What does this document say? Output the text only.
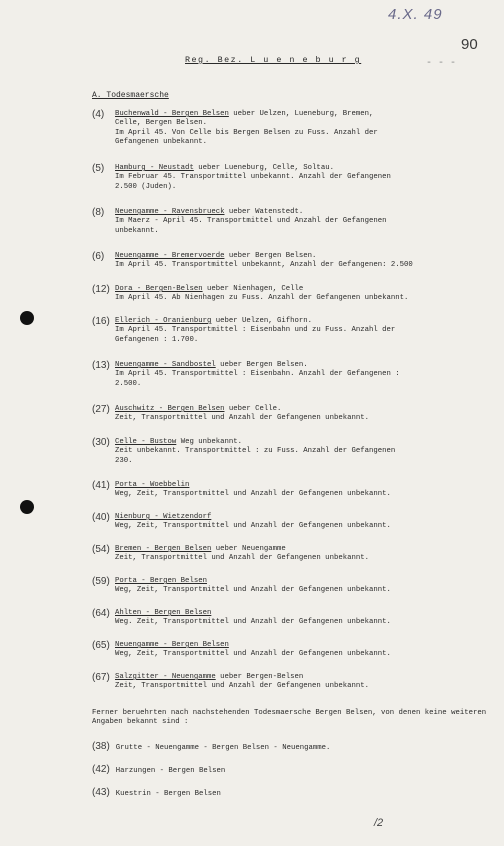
4.X. 49
90
- - -
Reg. Bez. L u e n e b u r g
A. Todesmaersche
(4) Buchenwald - Bergen Belsen ueber Uelzen, Lueneburg, Bremen,
Celle, Bergen Belsen.
Im April 45. Von Celle bis Bergen Belsen zu Fuss. Anzahl der
Gefangenen unbekannt.
(5) Hamburg - Neustadt ueber Lueneburg, Celle, Soltau.
Im Februar 45. Transportmittel unbekannt. Anzahl der Gefangenen
2.500 (Juden).
(8) Neuengamme - Ravensbrueck ueber Watenstedt.
Im Maerz - April 45. Transportmittel und Anzahl der Gefangenen
unbekannt.
(6) Neuengamme - Bremervoerde ueber Bergen Belsen.
Im April 45. Transportmittel unbekannt, Anzahl der Gefangenen: 2.500
(12) Dora - Bergen-Belsen ueber Nienhagen, Celle
Im April 45. Ab Nienhagen zu Fuss. Anzahl der Gefangenen unbekannt.
(16) Ellerich - Oranienburg ueber Uelzen, Gifhorn.
Im April 45. Transportmittel : Eisenbahn und zu Fuss. Anzahl der
Gefangenen : 1.700.
(13) Neuengamme - Sandbostel ueber Bergen Belsen.
Im April 45. Transportmittel : Eisenbahn. Anzahl der Gefangenen :
2.500.
(27) Auschwitz - Bergen Belsen ueber Celle.
Zeit, Transportmittel und Anzahl der Gefangenen unbekannt.
(30) Celle - Bustow Weg unbekannt.
Zeit unbekannt. Transportmittel : zu Fuss. Anzahl der Gefangenen
230.
(41) Porta - Woebbelin
Weg, Zeit, Transportmittel und Anzahl der Gefangenen unbekannt.
(40) Nienburg - Wietzendorf
Weg, Zeit, Transportmittel und Anzahl der Gefangenen unbekannt.
(54) Bremen - Bergen Belsen ueber Neuengamme
Zeit, Transportmittel und Anzahl der Gefangenen unbekannt.
(59) Porta - Bergen Belsen
Weg, Zeit, Transportmittel und Anzahl der Gefangenen unbekannt.
(64) Ahlten - Bergen Belsen
Weg. Zeit, Transportmittel und Anzahl der Gefangenen unbekannt.
(65) Neuengamme - Bergen Belsen
Weg, Zeit, Transportmittel und Anzahl der Gefangenen unbekannt.
(67) Salzgitter - Neuengamme ueber Bergen-Belsen
Zeit, Transportmittel und Anzahl der Gefangenen unbekannt.
Ferner beruehrten nach nachstehenden Todesmaersche Bergen Belsen, von denen keine weiteren Angaben bekannt sind :
(38) Grutte - Neuengamme - Bergen Belsen - Neuengamme.
(42) Harzungen - Bergen Belsen
(43) Kuestrin - Bergen Belsen
/2
